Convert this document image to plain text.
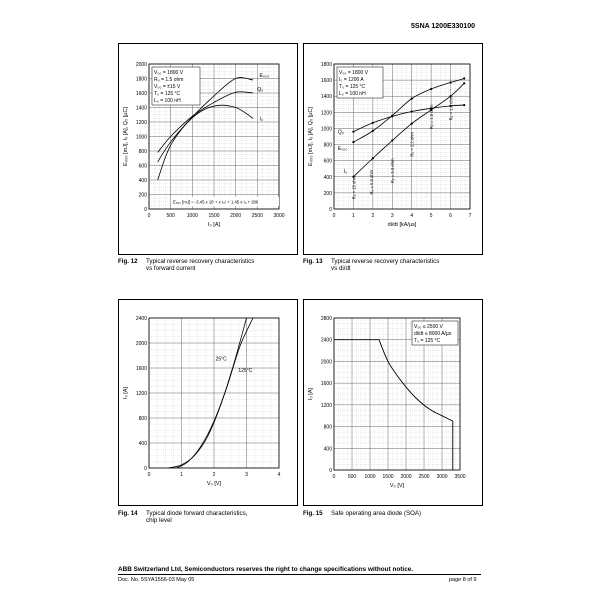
5SNA 1200E330100
0	500 1000 1500 2000 2500 3000
0
200
400
600
800
1000
1200
1400
1600
1800
2000
I₀ [A]
E₀₀₀ [mJ], I₀ [A], Q₀ [µC]
E₀₀₀
Q₀
I₀
V₀₀ = 1800 V
R₀ = 1.5 ohm
V₀₀ = ±15 V
T₀ = 125 °C
L₀ = 100 nH
E₀₀₀ [mJ] = -3.45 x 10⁻⁴ x I₀² + 1.45 x I₀ + 286
Fig. 12 Typical reverse recovery characteristics
vs forward current
0	1	2	3	4	5	6	7
0
200
400
600
800
1000
1200
1400
1600
1800
di/dt [kA/µs]
E₀₀₀ [mJ], I₀ [A], Q₀ [µC]	Q₀
E₀₀₀
I₀
R₀ = 15 ohm	R₀ = 6.8 ohm	R₀ = 3.3 ohm
R₀ = 2.2 ohm
R₀ = 1.5 ohm	R₀ = 1.0 ohm
V₀₀ = 1800 V
I₀ = 1200 A
T₀ = 125 °C
L₀ = 100 nH
Fig. 13 Typical reverse recovery characteristics
vs di/dt
0	1	2	3	4
0
400
800
1200
1600
2000
2400
V₀ [V]
I₀ [A]
25°C
125°C
Fig. 14 Typical diode forward characteristics,
chip level
0 500 1000 1500 2000 2500 3000 3500
0
400
800
1200
1600
2000
2400
2800
V₀ [V]
I₀ [A]
V₀₀ ≤ 2500 V
di/dt ≤ 8000 A/µs
T₀ = 125 °C
Fig. 15 Safe operating area diode (SOA)
ABB Switzerland Ltd, Semiconductors reserves the right to change specifications without notice.
Doc. No. 5SYA1556-03 May 05	page 8 of 9
